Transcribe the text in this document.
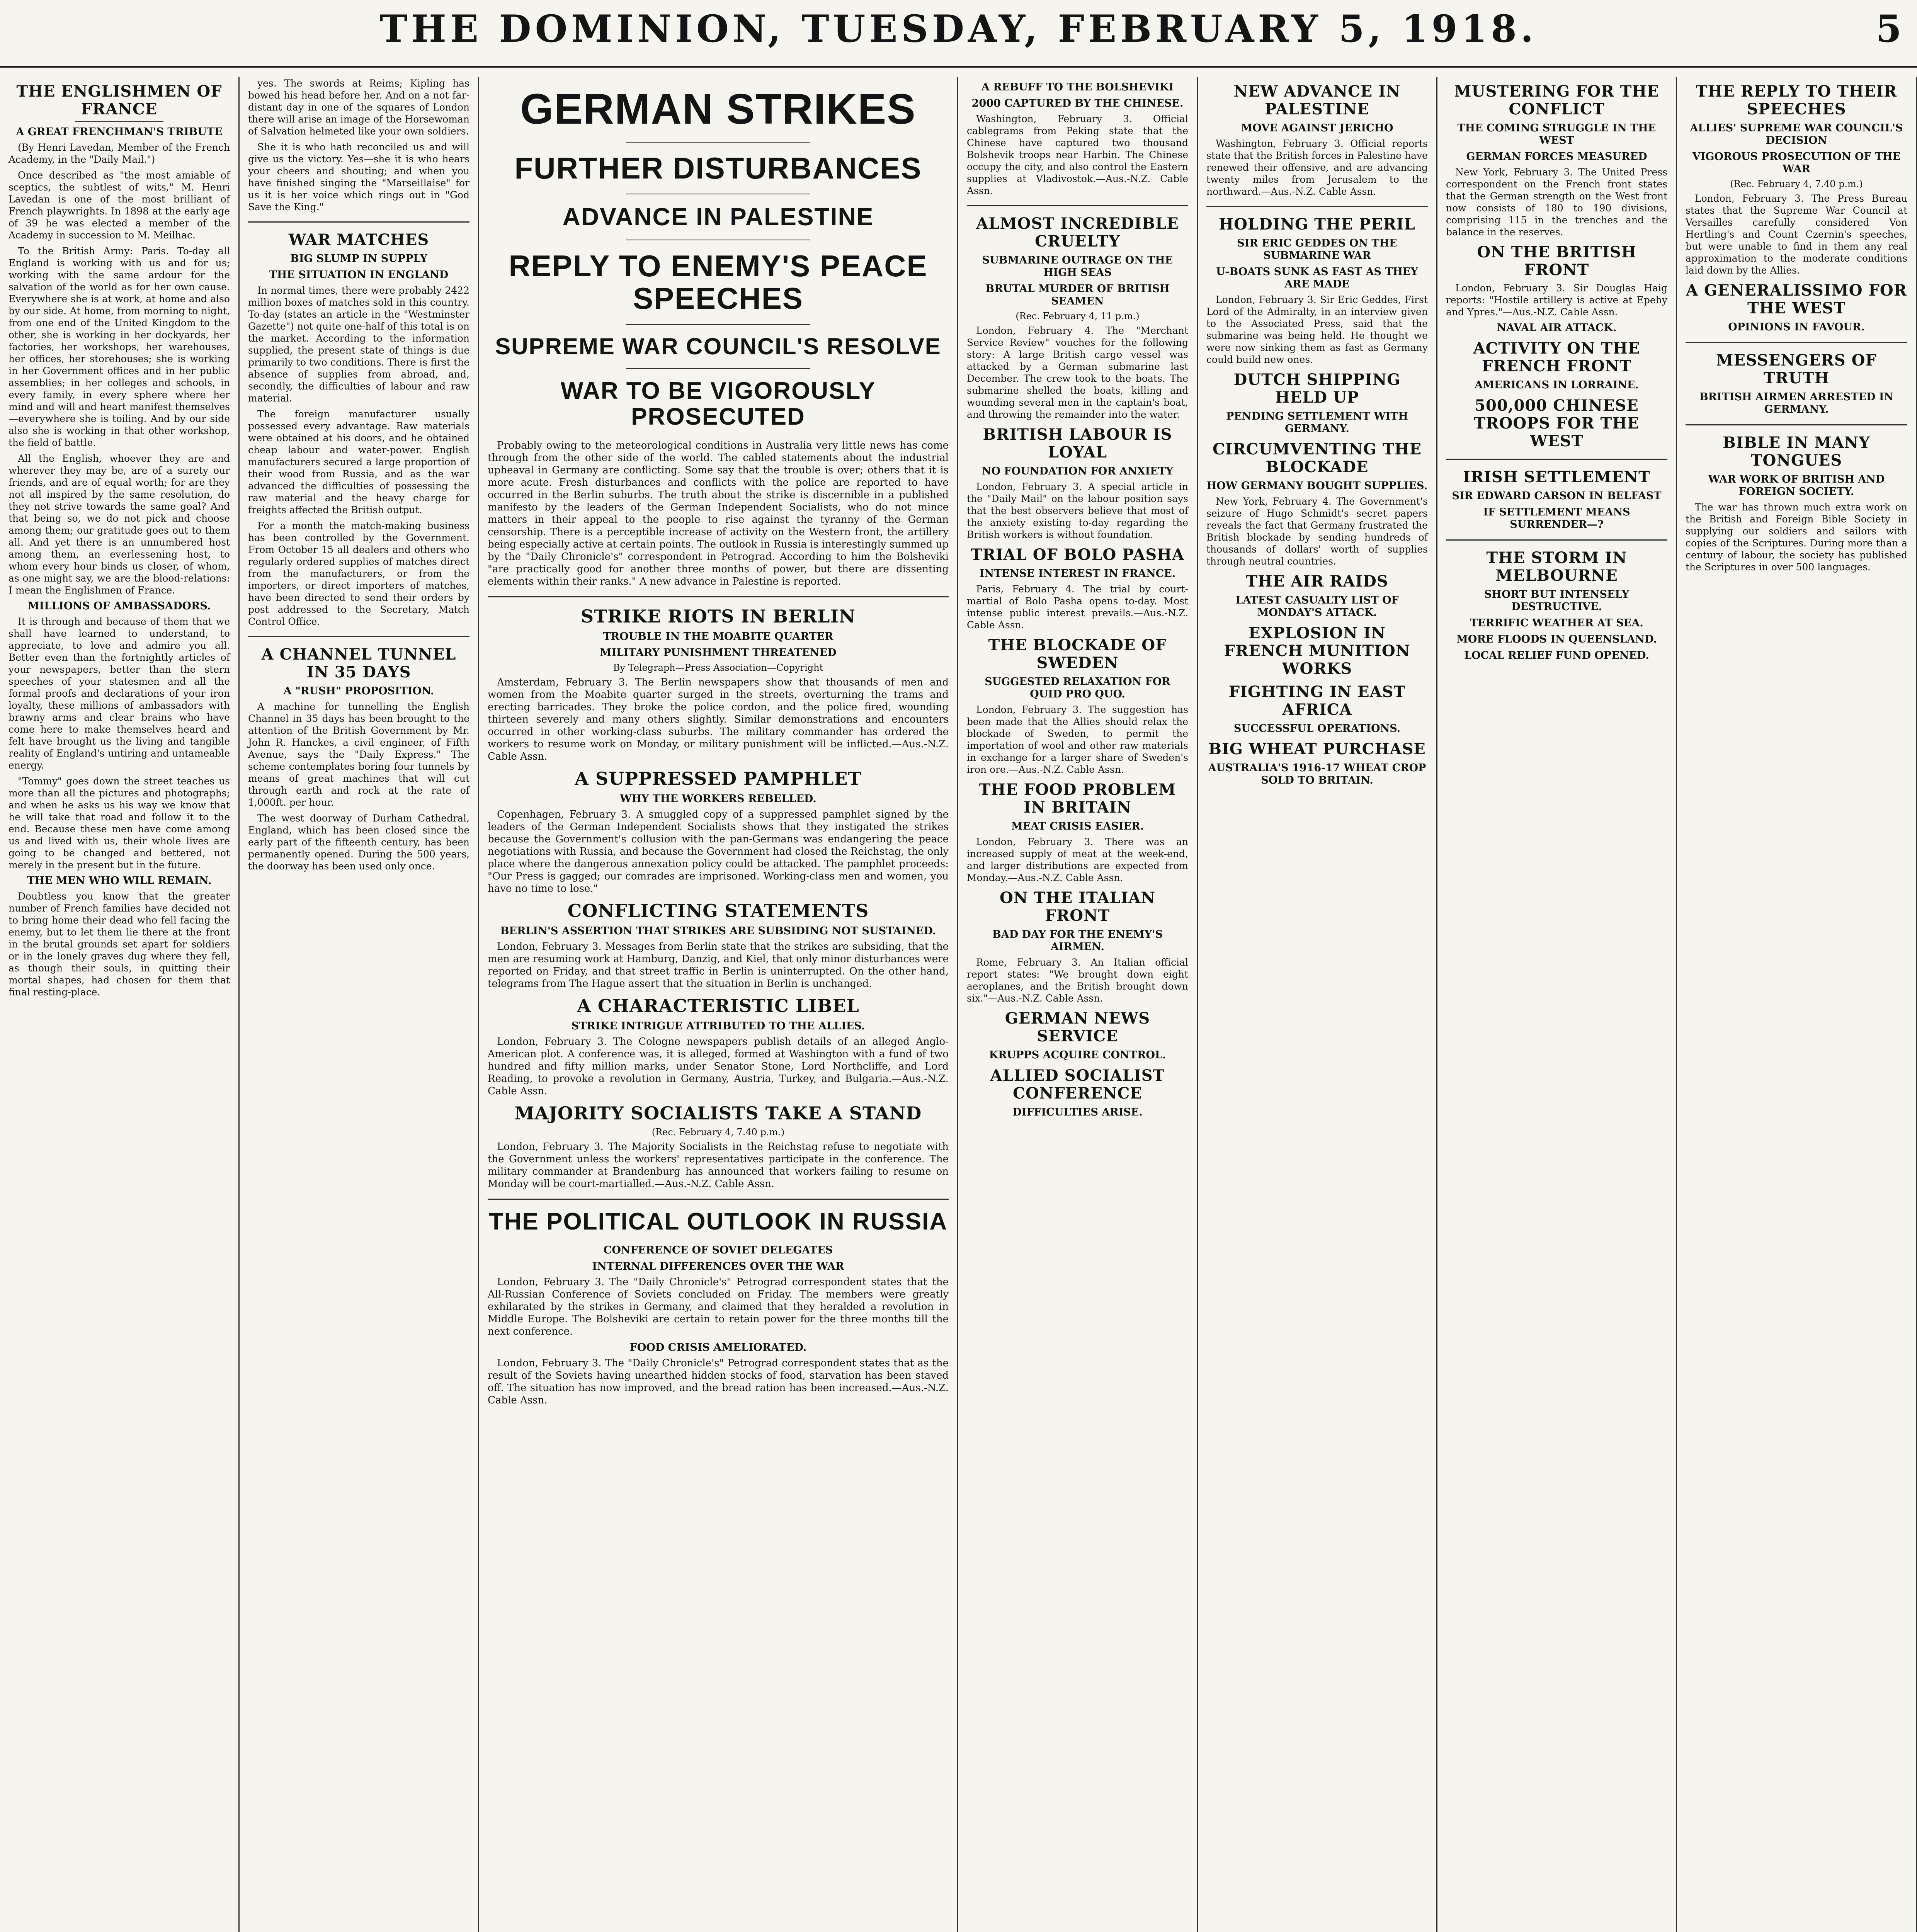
THE DOMINION, TUESDAY, FEBRUARY 5, 1918.	5
THE ENGLISHMEN OF FRANCE
A GREAT FRENCHMAN'S TRIBUTE

(By Henri Lavedan, Member of the French Academy, in the "Daily Mail.")

Once described as "the most amiable of sceptics, the subtlest of wits," M. Henri Lavedan is one of the most brilliant of French playwrights. In 1898 at the early age of 39 he was elected a member of the Academy in succession to M. Meilhac.

To the British Army: Paris. To-day all England is working with us and for us; working with the same ardour for the salvation of the world as for her own cause. Everywhere she is at work, at home and also by our side. At home, from morning to night, from one end of the United Kingdom to the other, she is working in her dockyards, her factories, her workshops, her warehouses, her offices, her storehouses; she is working in her Government offices and in her public assemblies; in her colleges and schools, in every family, in every sphere where her mind and will and heart manifest themselves—everywhere she is toiling. And by our side also she is working in that other workshop, the field of battle.

All the English, whoever they are and wherever they may be, are of a surety our friends, and are of equal worth; for are they not all inspired by the same resolution, do they not strive towards the same goal? And that being so, we do not pick and choose among them; our gratitude goes out to them all. And yet there is an unnumbered host among them, an everlessening host, to whom every hour binds us closer, of whom, as one might say, we are the blood-relations: I mean the Englishmen of France.

MILLIONS OF AMBASSADORS.

It is through and because of them that we shall have learned to understand, to appreciate, to love and admire you all. Better even than the fortnightly articles of your newspapers, better than the stern speeches of your statesmen and all the formal proofs and declarations of your iron loyalty, these millions of ambassadors with brawny arms and clear brains who have come here to make themselves heard and felt have brought us the living and tangible reality of England's untiring and untameable energy.

"Tommy" goes down the street teaches us more than all the pictures and photographs; and when he asks us his way we know that he will take that road and follow it to the end. Because these men have come among us and lived with us, their whole lives are going to be changed and bettered, not merely in the present but in the future.

THE MEN WHO WILL REMAIN.

Doubtless you know that the greater number of French families have decided not to bring home their dead who fell facing the enemy, but to let them lie there at the front in the brutal grounds set apart for soldiers or in the lonely graves dug where they fell, as though their souls, in quitting their mortal shapes, had chosen for them that final resting-place.

yes. The swords at Reims; Kipling has bowed his head before her. And on a not far-distant day in one of the squares of London there will arise an image of the Horsewoman of Salvation helmeted like your own soldiers.

She it is who hath reconciled us and will give us the victory. Yes—she it is who hears your cheers and shouting; and when you have finished singing the "Marseillaise" for us it is her voice which rings out in "God Save the King."

WAR MATCHES
BIG SLUMP IN SUPPLY
THE SITUATION IN ENGLAND

In normal times, there were probably 2422 million boxes of matches sold in this country. To-day (states an article in the "Westminster Gazette") not quite one-half of this total is on the market. According to the information supplied, the present state of things is due primarily to two conditions. There is first the absence of supplies from abroad, and, secondly, the difficulties of labour and raw material.

The foreign manufacturer usually possessed every advantage. Raw materials were obtained at his doors, and he obtained cheap labour and water-power. English manufacturers secured a large proportion of their wood from Russia, and as the war advanced the difficulties of possessing the raw material and the heavy charge for freights affected the British output.

For a month the match-making business has been controlled by the Government. From October 15 all dealers and others who regularly ordered supplies of matches direct from the manufacturers, or from the importers, or direct importers of matches, have been directed to send their orders by post addressed to the Secretary, Match Control Office.

A CHANNEL TUNNEL IN 35 DAYS
A "RUSH" PROPOSITION.

A machine for tunnelling the English Channel in 35 days has been brought to the attention of the British Government by Mr. John R. Hanckes, a civil engineer, of Fifth Avenue, says the "Daily Express." The scheme contemplates boring four tunnels by means of great machines that will cut through earth and rock at the rate of 1,000ft. per hour.

The west doorway of Durham Cathedral, England, which has been closed since the early part of the fifteenth century, has been permanently opened. During the 500 years, the doorway has been used only once.

GERMAN STRIKES
FURTHER DISTURBANCES
ADVANCE IN PALESTINE
REPLY TO ENEMY'S PEACE SPEECHES
SUPREME WAR COUNCIL'S RESOLVE
WAR TO BE VIGOROUSLY PROSECUTED

Probably owing to the meteorological conditions in Australia very little news has come through from the other side of the world. The cabled statements about the industrial upheaval in Germany are conflicting. Some say that the trouble is over; others that it is more acute. Fresh disturbances and conflicts with the police are reported to have occurred in the Berlin suburbs. The truth about the strike is discernible in a published manifesto by the leaders of the German Independent Socialists, who do not mince matters in their appeal to the people to rise against the tyranny of the German censorship. There is a perceptible increase of activity on the Western front, the artillery being especially active at certain points. The outlook in Russia is interestingly summed up by the "Daily Chronicle's" correspondent in Petrograd. According to him the Bolsheviki "are practically good for another three months of power, but there are dissenting elements within their ranks." A new advance in Palestine is reported.

STRIKE RIOTS IN BERLIN
TROUBLE IN THE MOABITE QUARTER
MILITARY PUNISHMENT THREATENED
By Telegraph—Press Association—Copyright

Amsterdam, February 3. The Berlin newspapers show that thousands of men and women from the Moabite quarter surged in the streets, overturning the trams and erecting barricades. They broke the police cordon, and the police fired, wounding thirteen severely and many others slightly. Similar demonstrations and encounters occurred in other working-class suburbs. The military commander has ordered the workers to resume work on Monday, or military punishment will be inflicted.—Aus.-N.Z. Cable Assn.

A SUPPRESSED PAMPHLET
WHY THE WORKERS REBELLED.

Copenhagen, February 3. A smuggled copy of a suppressed pamphlet signed by the leaders of the German Independent Socialists shows that they instigated the strikes because the Government's collusion with the pan-Germans was endangering the peace negotiations with Russia, and because the Government had closed the Reichstag, the only place where the dangerous annexation policy could be attacked. The pamphlet proceeds: "Our Press is gagged; our comrades are imprisoned. Working-class men and women, you have no time to lose."

CONFLICTING STATEMENTS
BERLIN'S ASSERTION THAT STRIKES ARE SUBSIDING NOT SUSTAINED.

London, February 3. Messages from Berlin state that the strikes are subsiding, that the men are resuming work at Hamburg, Danzig, and Kiel, that only minor disturbances were reported on Friday, and that street traffic in Berlin is uninterrupted. On the other hand, telegrams from The Hague assert that the situation in Berlin is unchanged.

A CHARACTERISTIC LIBEL
STRIKE INTRIGUE ATTRIBUTED TO THE ALLIES.

London, February 3. The Cologne newspapers publish details of an alleged Anglo-American plot. A conference was, it is alleged, formed at Washington with a fund of two hundred and fifty million marks, under Senator Stone, Lord Northcliffe, and Lord Reading, to provoke a revolution in Germany, Austria, Turkey, and Bulgaria.—Aus.-N.Z. Cable Assn.

MAJORITY SOCIALISTS TAKE A STAND
(Rec. February 4, 7.40 p.m.)

London, February 3. The Majority Socialists in the Reichstag refuse to negotiate with the Government unless the workers' representatives participate in the conference. The military commander at Brandenburg has announced that workers failing to resume on Monday will be court-martialled.—Aus.-N.Z. Cable Assn.

THE POLITICAL OUTLOOK IN RUSSIA
CONFERENCE OF SOVIET DELEGATES
INTERNAL DIFFERENCES OVER THE WAR

London, February 3. The "Daily Chronicle's" Petrograd correspondent states that the All-Russian Conference of Soviets concluded on Friday. The members were greatly exhilarated by the strikes in Germany, and claimed that they heralded a revolution in Middle Europe. The Bolsheviki are certain to retain power for the three months till the next conference.

FOOD CRISIS AMELIORATED.

London, February 3. The "Daily Chronicle's" Petrograd correspondent states that as the result of the Soviets having unearthed hidden stocks of food, starvation has been staved off. The situation has now improved, and the bread ration has been increased.—Aus.-N.Z. Cable Assn.

A REBUFF TO THE BOLSHEVIKI
2000 CAPTURED BY THE CHINESE.

Washington, February 3. Official cablegrams from Peking state that the Chinese have captured two thousand Bolshevik troops near Harbin. The Chinese occupy the city, and also control the Eastern supplies at Vladivostok.—Aus.-N.Z. Cable Assn.

ALMOST INCREDIBLE CRUELTY
SUBMARINE OUTRAGE ON THE HIGH SEAS
BRUTAL MURDER OF BRITISH SEAMEN
(Rec. February 4, 11 p.m.)

London, February 4. The "Merchant Service Review" vouches for the following story: A large British cargo vessel was attacked by a German submarine last December. The crew took to the boats. The submarine shelled the boats, killing and wounding several men in the captain's boat, and throwing the remainder into the water.

BRITISH LABOUR IS LOYAL
NO FOUNDATION FOR ANXIETY

London, February 3. A special article in the "Daily Mail" on the labour position says that the best observers believe that most of the anxiety existing to-day regarding the British workers is without foundation.

TRIAL OF BOLO PASHA
INTENSE INTEREST IN FRANCE.

Paris, February 4. The trial by court-martial of Bolo Pasha opens to-day. Most intense public interest prevails.—Aus.-N.Z. Cable Assn.

THE BLOCKADE OF SWEDEN
SUGGESTED RELAXATION FOR QUID PRO QUO.

London, February 3. The suggestion has been made that the Allies should relax the blockade of Sweden, to permit the importation of wool and other raw materials in exchange for a larger share of Sweden's iron ore.—Aus.-N.Z. Cable Assn.

THE FOOD PROBLEM IN BRITAIN
MEAT CRISIS EASIER.

London, February 3. There was an increased supply of meat at the week-end, and larger distributions are expected from Monday.—Aus.-N.Z. Cable Assn.

ON THE ITALIAN FRONT
BAD DAY FOR THE ENEMY'S AIRMEN.

Rome, February 3. An Italian official report states: "We brought down eight aeroplanes, and the British brought down six."—Aus.-N.Z. Cable Assn.

GERMAN NEWS SERVICE
KRUPPS ACQUIRE CONTROL.
ALLIED SOCIALIST CONFERENCE
DIFFICULTIES ARISE.
NEW ADVANCE IN PALESTINE
MOVE AGAINST JERICHO

Washington, February 3. Official reports state that the British forces in Palestine have renewed their offensive, and are advancing twenty miles from Jerusalem to the northward.—Aus.-N.Z. Cable Assn.

HOLDING THE PERIL
SIR ERIC GEDDES ON THE SUBMARINE WAR
U-BOATS SUNK AS FAST AS THEY ARE MADE

London, February 3. Sir Eric Geddes, First Lord of the Admiralty, in an interview given to the Associated Press, said that the submarine was being held. He thought we were now sinking them as fast as Germany could build new ones.

DUTCH SHIPPING HELD UP
PENDING SETTLEMENT WITH GERMANY.
CIRCUMVENTING THE BLOCKADE
HOW GERMANY BOUGHT SUPPLIES.

New York, February 4. The Government's seizure of Hugo Schmidt's secret papers reveals the fact that Germany frustrated the British blockade by sending hundreds of thousands of dollars' worth of supplies through neutral countries.

THE AIR RAIDS
LATEST CASUALTY LIST OF MONDAY'S ATTACK.
EXPLOSION IN FRENCH MUNITION WORKS
FIGHTING IN EAST AFRICA
SUCCESSFUL OPERATIONS.
BIG WHEAT PURCHASE
AUSTRALIA'S 1916-17 WHEAT CROP SOLD TO BRITAIN.
MUSTERING FOR THE CONFLICT
THE COMING STRUGGLE IN THE WEST
GERMAN FORCES MEASURED

New York, February 3. The United Press correspondent on the French front states that the German strength on the West front now consists of 180 to 190 divisions, comprising 115 in the trenches and the balance in the reserves.

ON THE BRITISH FRONT

London, February 3. Sir Douglas Haig reports: "Hostile artillery is active at Epehy and Ypres."—Aus.-N.Z. Cable Assn.

NAVAL AIR ATTACK.
ACTIVITY ON THE FRENCH FRONT
AMERICANS IN LORRAINE.
500,000 CHINESE TROOPS FOR THE WEST
IRISH SETTLEMENT
SIR EDWARD CARSON IN BELFAST
IF SETTLEMENT MEANS SURRENDER—?
THE STORM IN MELBOURNE
SHORT BUT INTENSELY DESTRUCTIVE.
TERRIFIC WEATHER AT SEA.
MORE FLOODS IN QUEENSLAND.
LOCAL RELIEF FUND OPENED.
THE REPLY TO THEIR SPEECHES
ALLIES' SUPREME WAR COUNCIL'S DECISION
VIGOROUS PROSECUTION OF THE WAR
(Rec. February 4, 7.40 p.m.)

London, February 3. The Press Bureau states that the Supreme War Council at Versailles carefully considered Von Hertling's and Count Czernin's speeches, but were unable to find in them any real approximation to the moderate conditions laid down by the Allies.

A GENERALISSIMO FOR THE WEST
OPINIONS IN FAVOUR.
MESSENGERS OF TRUTH
BRITISH AIRMEN ARRESTED IN GERMANY.
BIBLE IN MANY TONGUES
WAR WORK OF BRITISH AND FOREIGN SOCIETY.

The war has thrown much extra work on the British and Foreign Bible Society in supplying our soldiers and sailors with copies of the Scriptures. During more than a century of labour, the society has published the Scriptures in over 500 languages.
